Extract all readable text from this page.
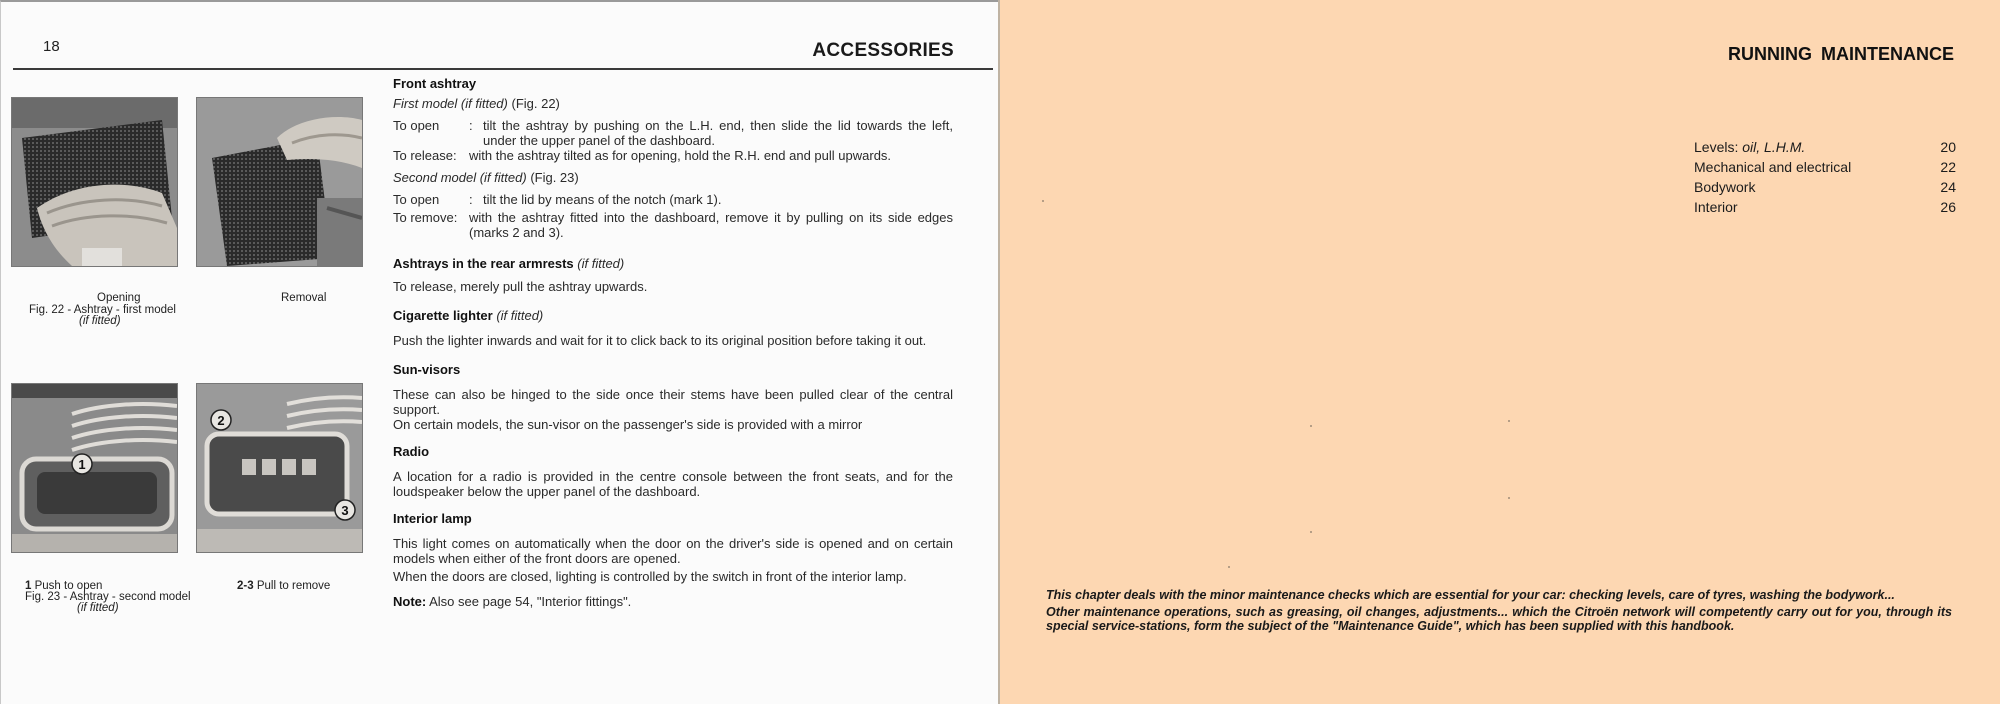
18	ACCESSORIES
Opening
Fig. 22 - Ashtray - first model
(if fitted)
Removal
1
2
3
1 Push to open
Fig. 23 - Ashtray - second model
(if fitted)
2-3 Pull to remove
Front ashtray
First model (if fitted) (Fig. 22)
To open	: tilt the ashtray by pushing on the L.H. end, then slide the lid towards the left, under the upper panel of the dashboard.
To release: with the ashtray tilted as for opening, hold the R.H. end and pull upwards.
Second model (if fitted) (Fig. 23)
To open	: tilt the lid by means of the notch (mark 1).
To remove: with the ashtray fitted into the dashboard, remove it by pulling on its side edges (marks 2 and 3).
Ashtrays in the rear armrests (if fitted)
To release, merely pull the ashtray upwards.
Cigarette lighter (if fitted)
Push the lighter inwards and wait for it to click back to its original position before taking it out.
Sun-visors
These can also be hinged to the side once their stems have been pulled clear of the central support.
On certain models, the sun-visor on the passenger's side is provided with a mirror
Radio
A location for a radio is provided in the centre console between the front seats, and for the loudspeaker below the upper panel of the dashboard.
Interior lamp
This light comes on automatically when the door on the driver's side is opened and on certain models when either of the front doors are opened.
When the doors are closed, lighting is controlled by the switch in front of the interior lamp.
Note: Also see page 54, "Interior fittings".
RUNNING MAINTENANCE
Levels: oil, L.H.M.	20
Mechanical and electrical	22
Bodywork	24
Interior	26
This chapter deals with the minor maintenance checks which are essential for your car: checking levels, care of tyres, washing the bodywork...
Other maintenance operations, such as greasing, oil changes, adjustments... which the Citroën network will competently carry out for you, through its special service-stations, form the subject of the "Maintenance Guide", which has been supplied with this handbook.
